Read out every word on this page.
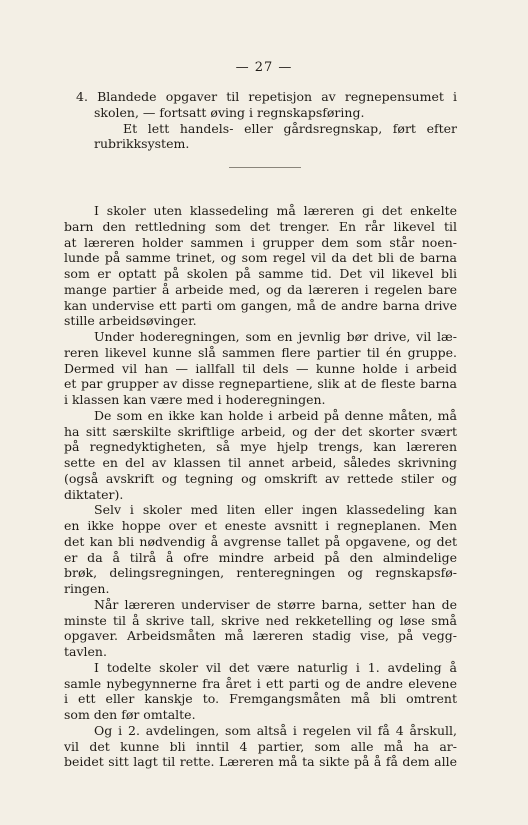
— 27 —
4. Blandede opgaver til repetisjon av regnepensumet i
skolen, — fortsatt øving i regnskapsføring.
Et lett handels- eller gårdsregnskap, ført efter
rubrikksystem.
I skoler uten klassedeling må læreren gi det enkelte
barn den rettledning som det trenger. En rår likevel til
at læreren holder sammen i grupper dem som står noen-
lunde på samme trinet, og som regel vil da det bli de barna
som er optatt på skolen på samme tid. Det vil likevel bli
mange partier å arbeide med, og da læreren i regelen bare
kan undervise ett parti om gangen, må de andre barna drive
stille arbeidsøvinger.
Under hoderegningen, som en jevnlig bør drive, vil læ-
reren likevel kunne slå sammen flere partier til én gruppe.
Dermed vil han — iallfall til dels — kunne holde i arbeid
et par grupper av disse regnepartiene, slik at de fleste barna
i klassen kan være med i hoderegningen.
De som en ikke kan holde i arbeid på denne måten, må
ha sitt særskilte skriftlige arbeid, og der det skorter svært
på regnedyktigheten, så mye hjelp trengs, kan læreren
sette en del av klassen til annet arbeid, således skrivning
(også avskrift og tegning og omskrift av rettede stiler og
diktater).
Selv i skoler med liten eller ingen klassedeling kan
en ikke hoppe over et eneste avsnitt i regneplanen. Men
det kan bli nødvendig å avgrense tallet på opgavene, og det
er da å tilrå å ofre mindre arbeid på den almindelige
brøk, delingsregningen, renteregningen og regnskapsfø-
ringen.
Når læreren underviser de større barna, setter han de
minste til å skrive tall, skrive ned rekketelling og løse små
opgaver. Arbeidsmåten må læreren stadig vise, på vegg-
tavlen.
I todelte skoler vil det være naturlig i 1. avdeling å
samle nybegynnerne fra året i ett parti og de andre elevene
i ett eller kanskje to. Fremgangsmåten må bli omtrent
som den før omtalte.
Og i 2. avdelingen, som altså i regelen vil få 4 årskull,
vil det kunne bli inntil 4 partier, som alle må ha ar-
beidet sitt lagt til rette. Læreren må ta sikte på å få dem alle
